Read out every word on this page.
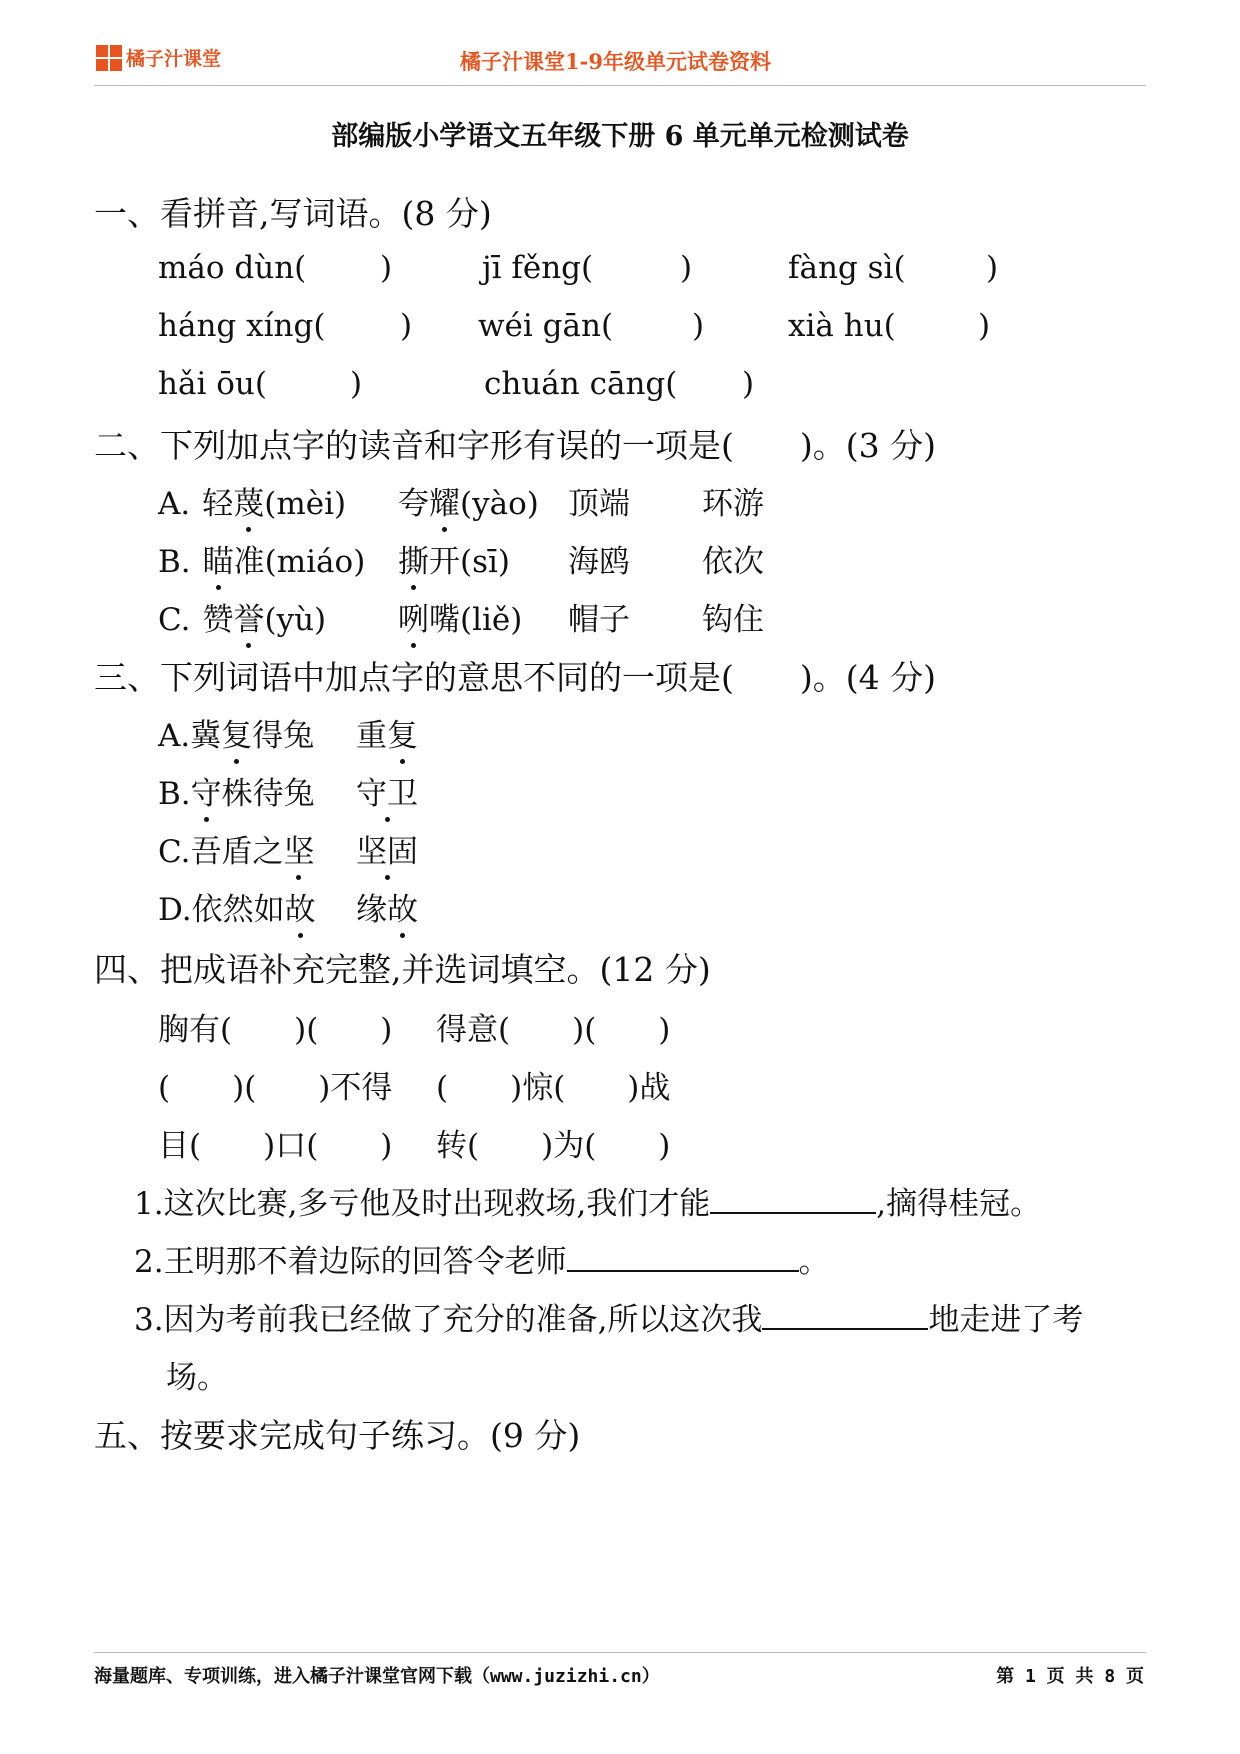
橘子汁课堂	橘子汁课堂1-9年级单元试卷资料
部编版小学语文五年级下册 6 单元单元检测试卷
一、看拼音,写词语。(8 分)
máo dùn( )	jī fěng(	)	fàng sì(	)
háng xíng( ) wéi gān(	)	xià hu(	)
hǎi ōu(	)	chuán cāng( )
二、下列加点字的读音和字形有误的一项是(　　)。(3 分)
A. 轻蔑(mèi) 夸耀(yào) 顶端 环游
B. 瞄准(miáo) 撕开(sī) 海鸥 依次
C. 赞誉(yù) 咧嘴(liě) 帽子 钩住
三、下列词语中加点字的意思不同的一项是(　　)。(4 分)
A.冀复得兔 重复
B.守株待兔 守卫
C.吾盾之坚 坚固
D.依然如故 缘故
四、把成语补充完整,并选词填空。(12 分)
胸有(　　)(　　) 得意(　　)(　　)
(　　)(　　)不得 (　　)惊(　　)战
目(　　)口(　　) 转(　　)为(　　)
1.这次比赛,多亏他及时出现救场,我们才能	,摘得桂冠。
2.王明那不着边际的回答令老师	。
3.因为考前我已经做了充分的准备,所以这次我	地走进了考
场。
五、按要求完成句子练习。(9 分)
海量题库、专项训练，进入橘子汁课堂官网下载（www.juzizhi.cn）	第 1 页 共 8 页
